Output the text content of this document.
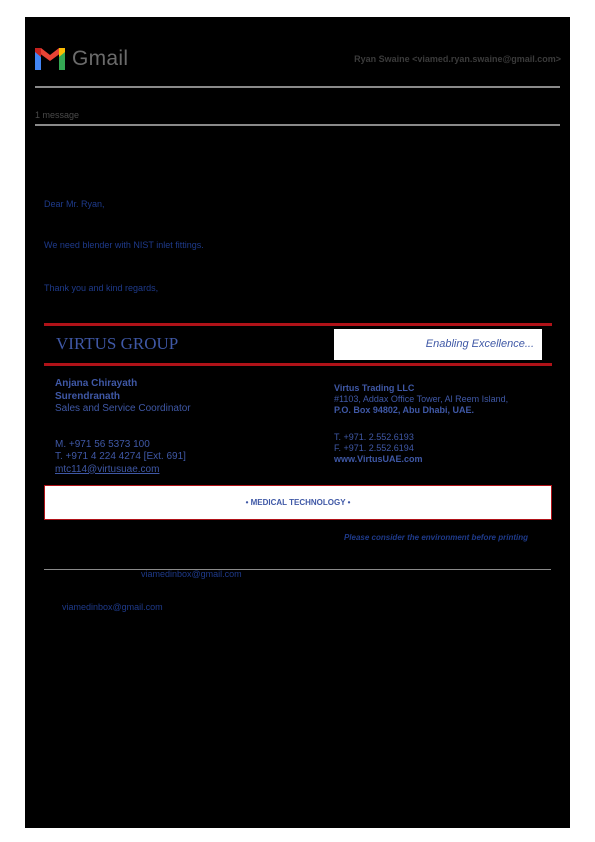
Gmail	Ryan Swaine <viamed.ryan.swaine@gmail.com>
1 message
Dear Mr. Ryan,
We need blender with NIST inlet fittings.
Thank you and kind regards,
VIRTUS GROUP	Enabling Excellence...
Anjana Chirayath
Surendranath
Sales and Service Coordinator
M. +971 56 5373 100
T. +971 4 224 4274 [Ext. 691]
mtc114@virtusuae.com
Virtus Trading LLC
#1103, Addax Office Tower, Al Reem Island,
P.O. Box 94802, Abu Dhabi, UAE.
T. +971. 2.552.6193
F. +971. 2.552.6194
www.VirtusUAE.com
• MEDICAL TECHNOLOGY •
Please consider the environment before printing
viamedinbox@gmail.com
viamedinbox@gmail.com
